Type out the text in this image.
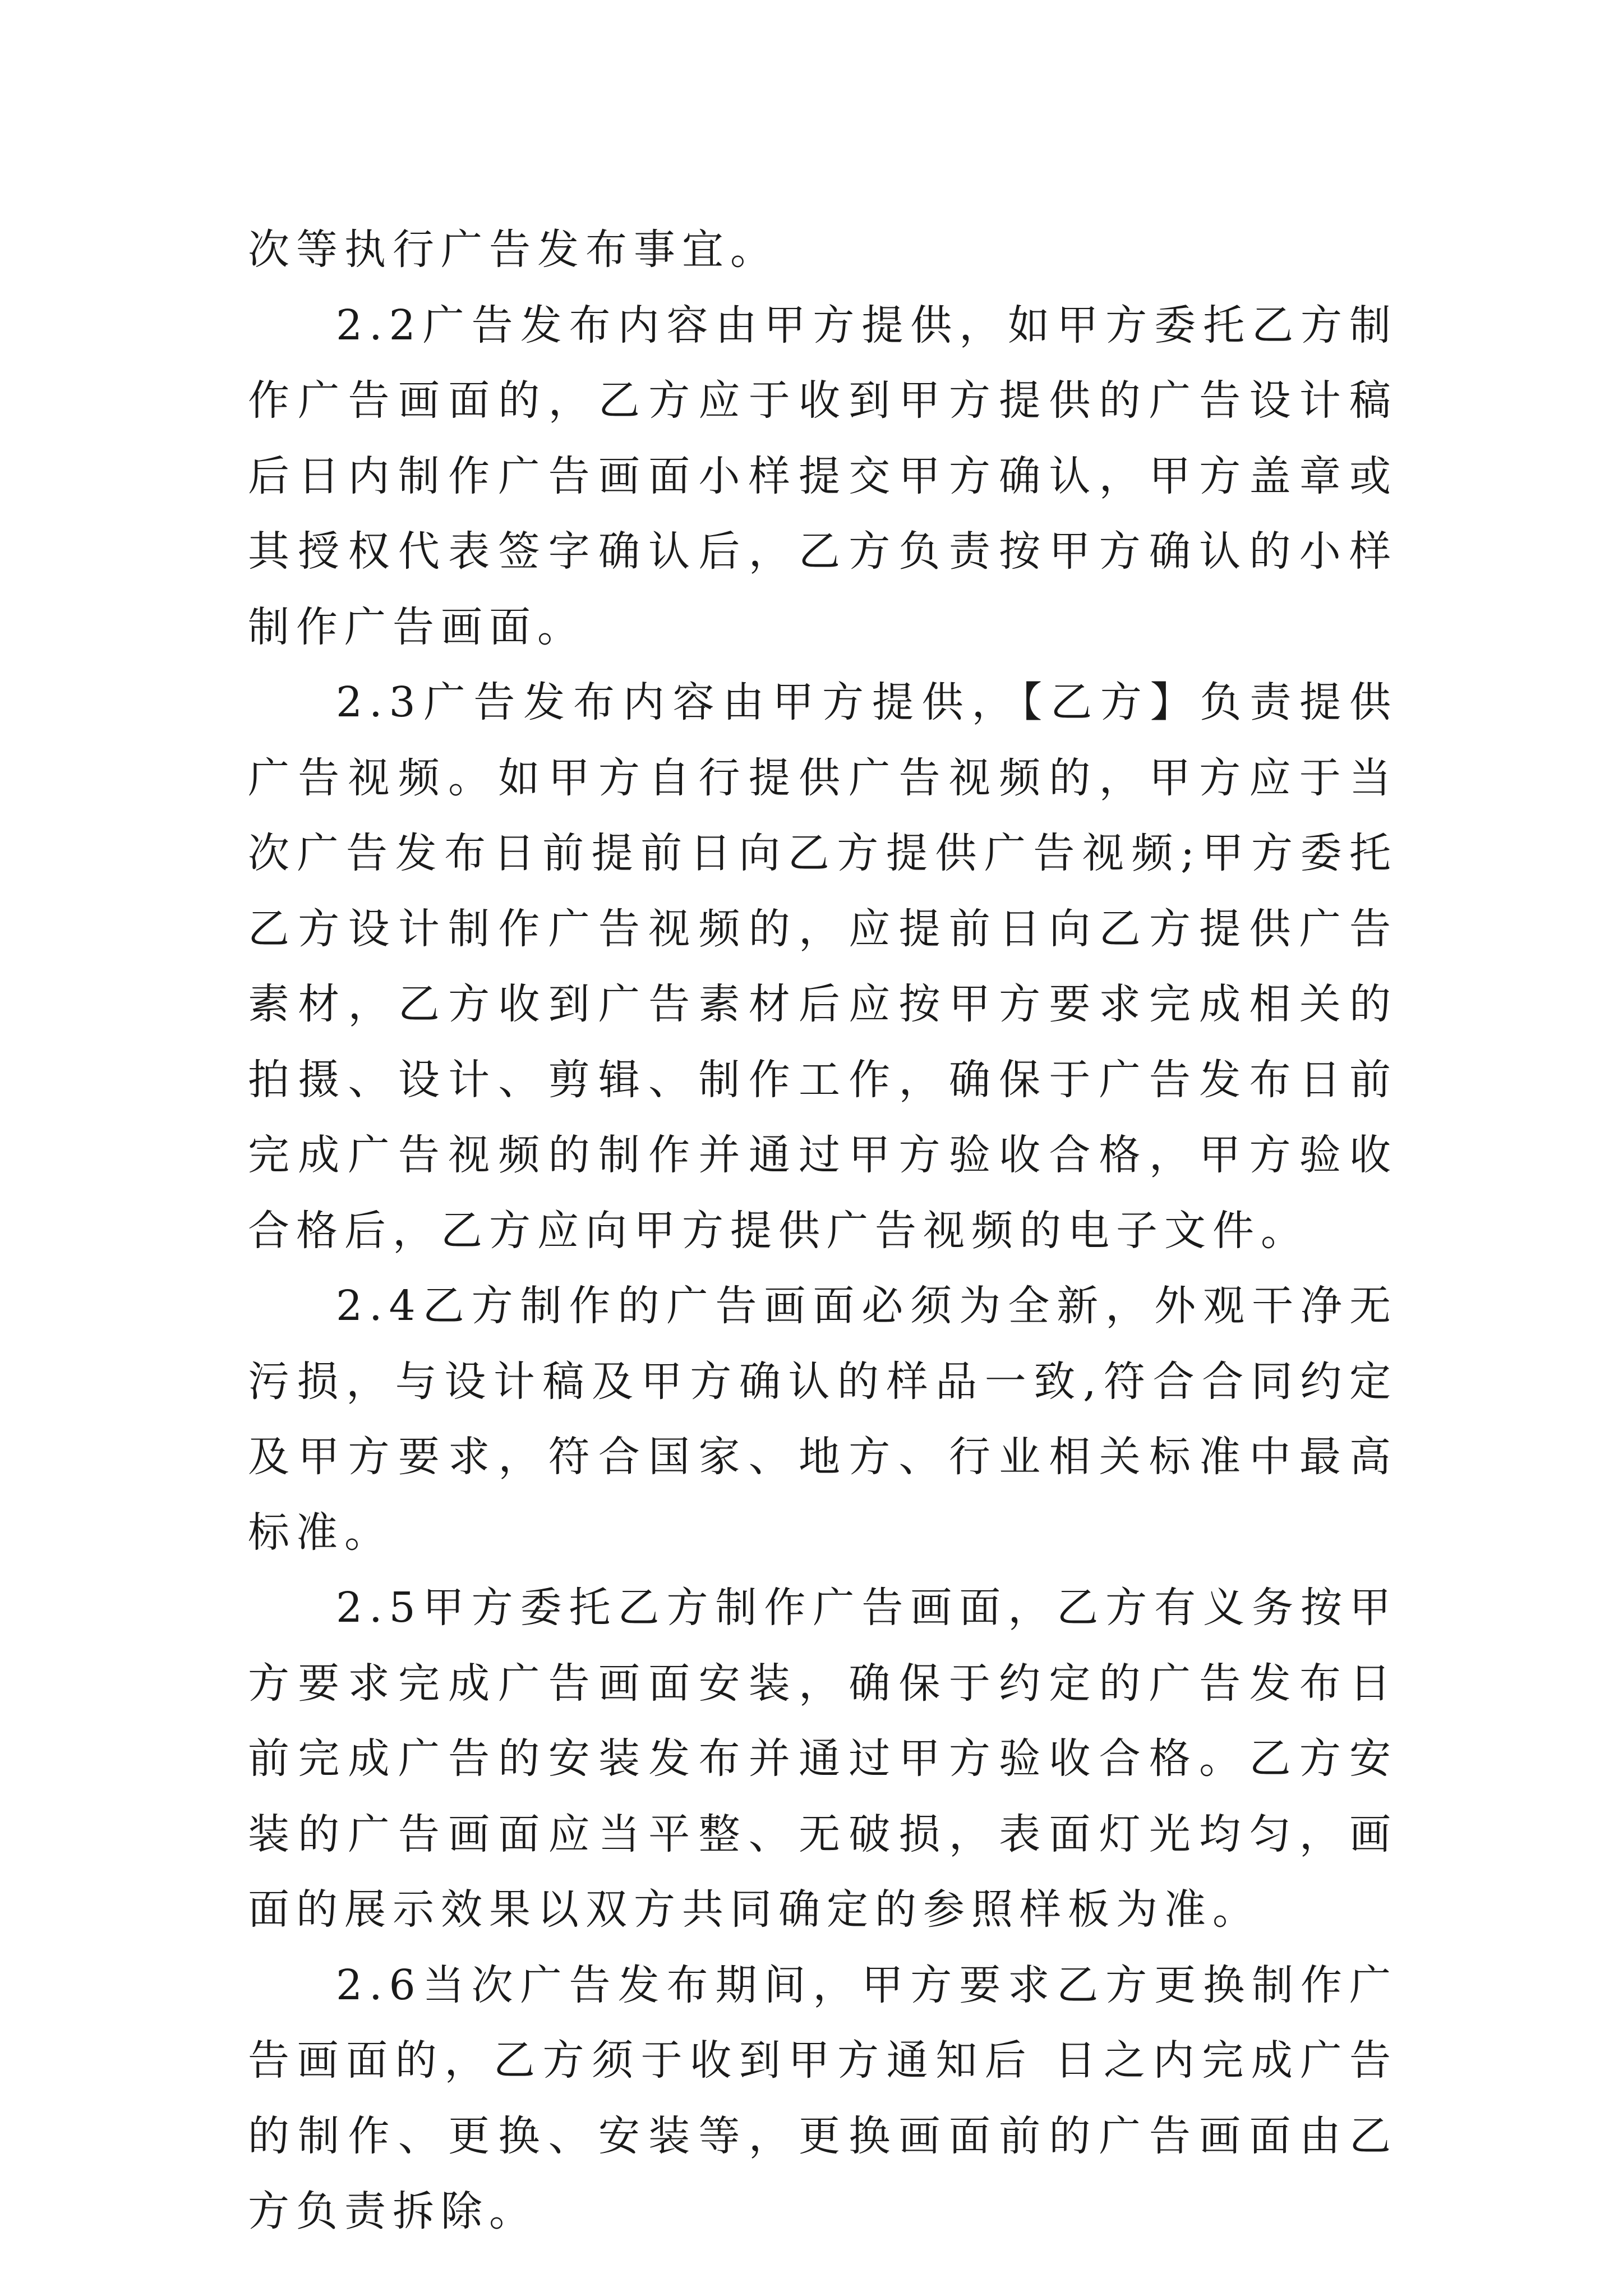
次等执行广告发布事宜。

2.2广告发布内容由甲方提供，如甲方委托乙方制作广告画面的，乙方应于收到甲方提供的广告设计稿后日内制作广告画面小样提交甲方确认，甲方盖章或其授权代表签字确认后，乙方负责按甲方确认的小样制作广告画面。

2.3广告发布内容由甲方提供，【乙方】负责提供广告视频。如甲方自行提供广告视频的，甲方应于当次广告发布日前提前日向乙方提供广告视频;甲方委托乙方设计制作广告视频的，应提前日向乙方提供广告素材，乙方收到广告素材后应按甲方要求完成相关的拍摄、设计、剪辑、制作工作，确保于广告发布日前完成广告视频的制作并通过甲方验收合格，甲方验收合格后，乙方应向甲方提供广告视频的电子文件。

2.4乙方制作的广告画面必须为全新，外观干净无污损，与设计稿及甲方确认的样品一致,符合合同约定及甲方要求，符合国家、地方、行业相关标准中最高标准。

2.5甲方委托乙方制作广告画面，乙方有义务按甲方要求完成广告画面安装，确保于约定的广告发布日前完成广告的安装发布并通过甲方验收合格。乙方安装的广告画面应当平整、无破损，表面灯光均匀，画面的展示效果以双方共同确定的参照样板为准。

2.6当次广告发布期间，甲方要求乙方更换制作广告画面的，乙方须于收到甲方通知后 日之内完成广告的制作、更换、安装等，更换画面前的广告画面由乙方负责拆除。
